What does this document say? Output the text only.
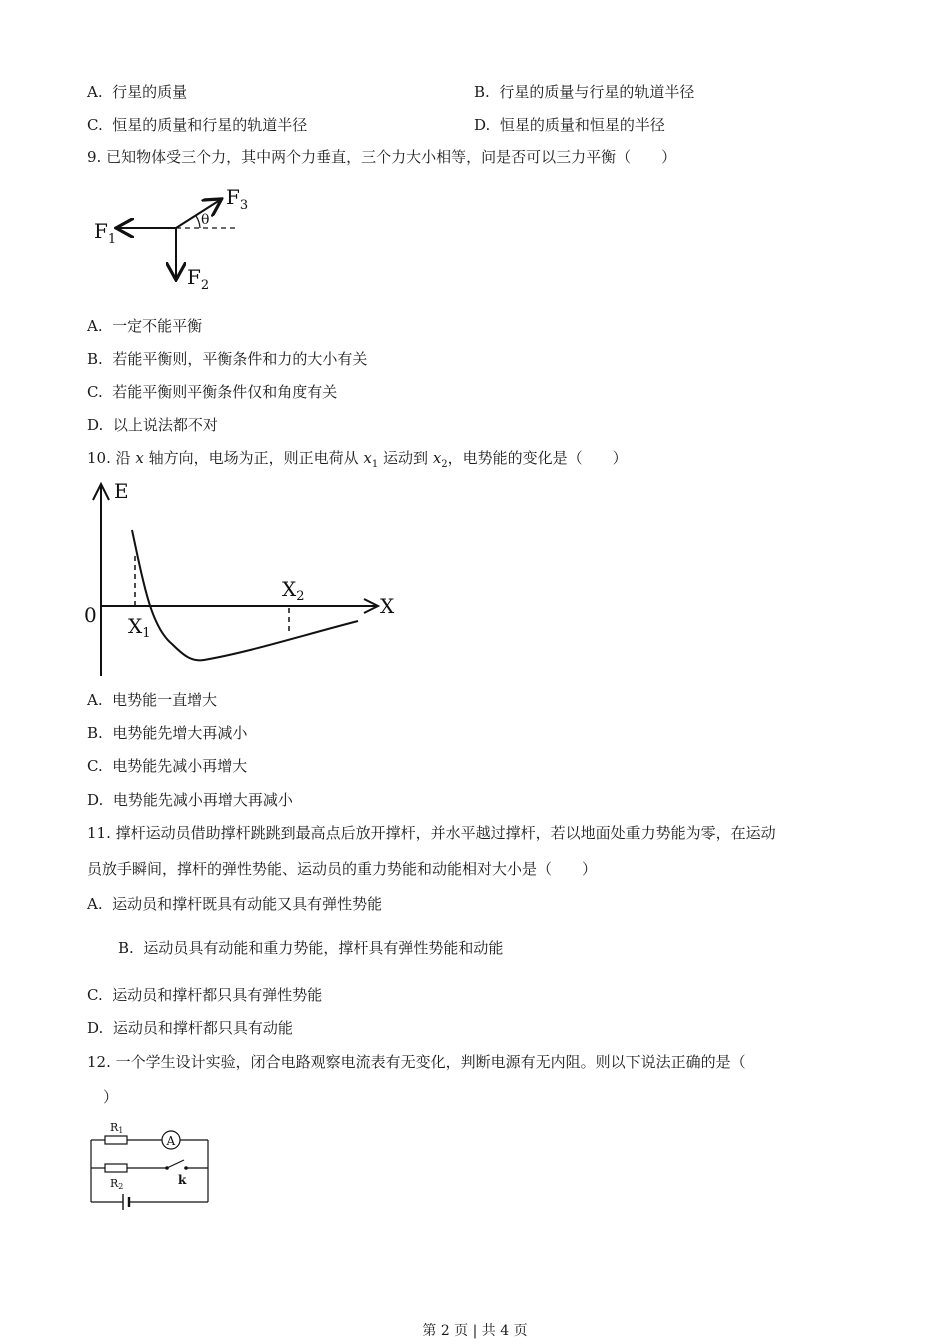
A. 行星的质量	B. 行星的质量与行星的轨道半径
C. 恒星的质量和行星的轨道半径	D. 恒星的质量和恒星的半径
9. 已知物体受三个力，其中两个力垂直，三个力大小相等，问是否可以三力平衡（　　）
θ
$F_1$
$F_2$
$F_3$
A. 一定不能平衡
B. 若能平衡则，平衡条件和力的大小有关
C. 若能平衡则平衡条件仅和角度有关
D. 以上说法都不对
10. 沿 x 轴方向，电场为正，则正电荷从 $x_1$ 运动到 $x_2$，电势能的变化是（　　）
E
X
0 $X_1$
$X_2$
A. 电势能一直增大
B. 电势能先增大再减小
C. 电势能先减小再增大
D. 电势能先减小再增大再减小
11. 撑杆运动员借助撑杆跳跳到最高点后放开撑杆，并水平越过撑杆，若以地面处重力势能为零，在运动
员放手瞬间，撑杆的弹性势能、运动员的重力势能和动能相对大小是（　　）
A. 运动员和撑杆既具有动能又具有弹性势能
B. 运动员具有动能和重力势能，撑杆具有弹性势能和动能
C. 运动员和撑杆都只具有弹性势能
D. 运动员和撑杆都只具有动能
12. 一个学生设计实验，闭合电路观察电流表有无变化，判断电源有无内阻。则以下说法正确的是（
）
A
k
R1
R2
第 2 页 | 共 4 页
